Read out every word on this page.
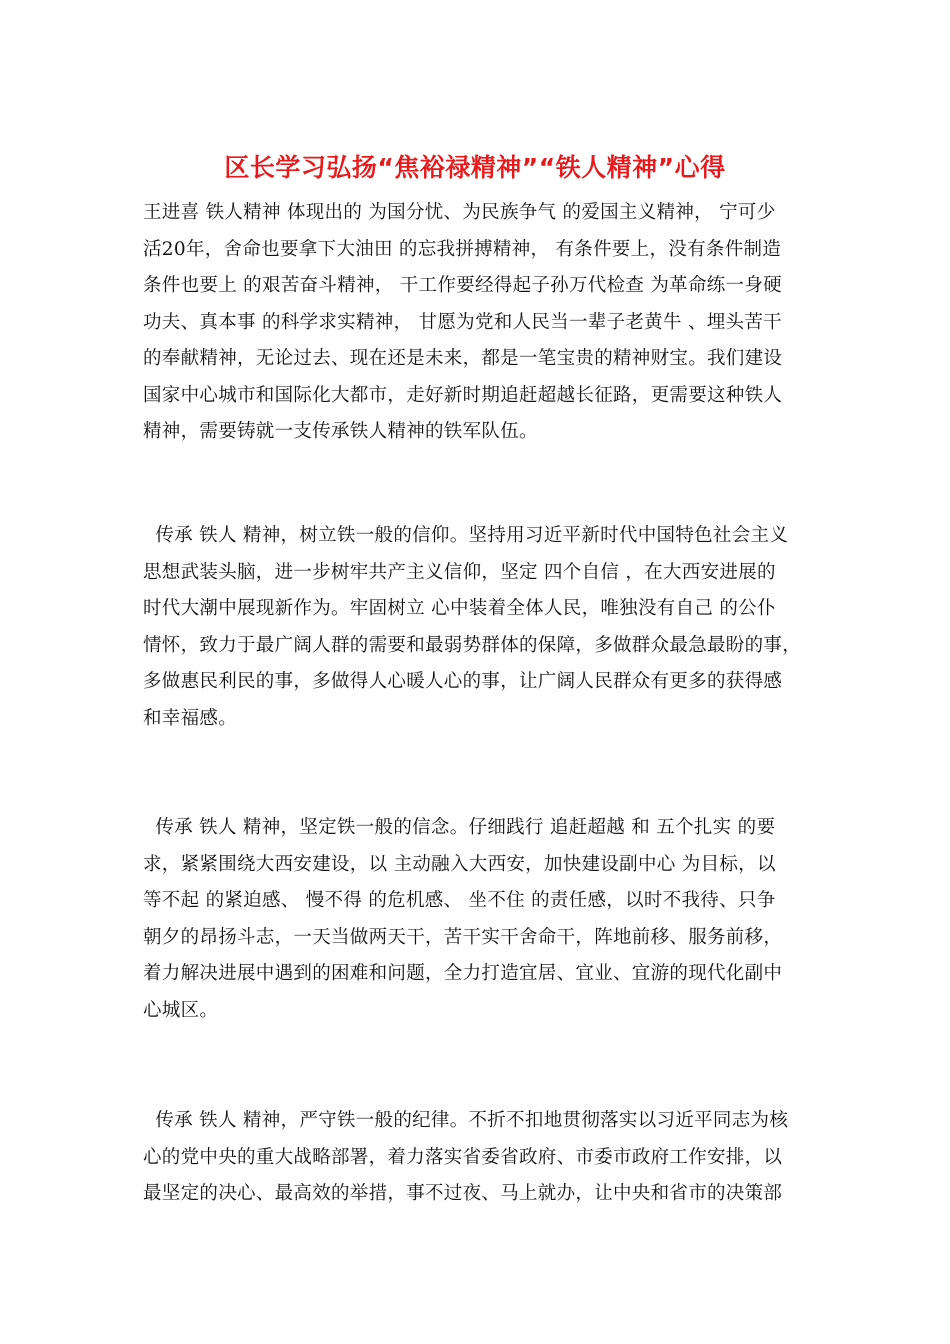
区长学习弘扬“焦裕禄精神”“铁人精神”心得
王进喜 铁人精神 体现出的 为国分忧、为民族争气 的爱国主义精神， 宁可少
活20年，舍命也要拿下大油田 的忘我拼搏精神， 有条件要上，没有条件制造
条件也要上 的艰苦奋斗精神， 干工作要经得起子孙万代检查 为革命练一身硬
功夫、真本事 的科学求实精神， 甘愿为党和人民当一辈子老黄牛 、埋头苦干
的奉献精神，无论过去、现在还是未来，都是一笔宝贵的精神财宝。我们建设
国家中心城市和国际化大都市，走好新时期追赶超越长征路，更需要这种铁人
精神，需要铸就一支传承铁人精神的铁军队伍。
传承 铁人 精神，树立铁一般的信仰。坚持用习近平新时代中国特色社会主义
思想武装头脑，进一步树牢共产主义信仰，坚定 四个自信 ，在大西安进展的
时代大潮中展现新作为。牢固树立 心中装着全体人民，唯独没有自己 的公仆
情怀，致力于最广阔人群的需要和最弱势群体的保障，多做群众最急最盼的事，
多做惠民利民的事，多做得人心暖人心的事，让广阔人民群众有更多的获得感
和幸福感。
传承 铁人 精神，坚定铁一般的信念。仔细践行 追赶超越 和 五个扎实 的要
求，紧紧围绕大西安建设，以 主动融入大西安，加快建设副中心 为目标，以
等不起 的紧迫感、 慢不得 的危机感、 坐不住 的责任感，以时不我待、只争
朝夕的昂扬斗志，一天当做两天干，苦干实干舍命干，阵地前移、服务前移，
着力解决进展中遇到的困难和问题，全力打造宜居、宜业、宜游的现代化副中
心城区。
传承 铁人 精神，严守铁一般的纪律。不折不扣地贯彻落实以习近平同志为核
心的党中央的重大战略部署，着力落实省委省政府、市委市政府工作安排，以
最坚定的决心、最高效的举措，事不过夜、马上就办，让中央和省市的决策部
